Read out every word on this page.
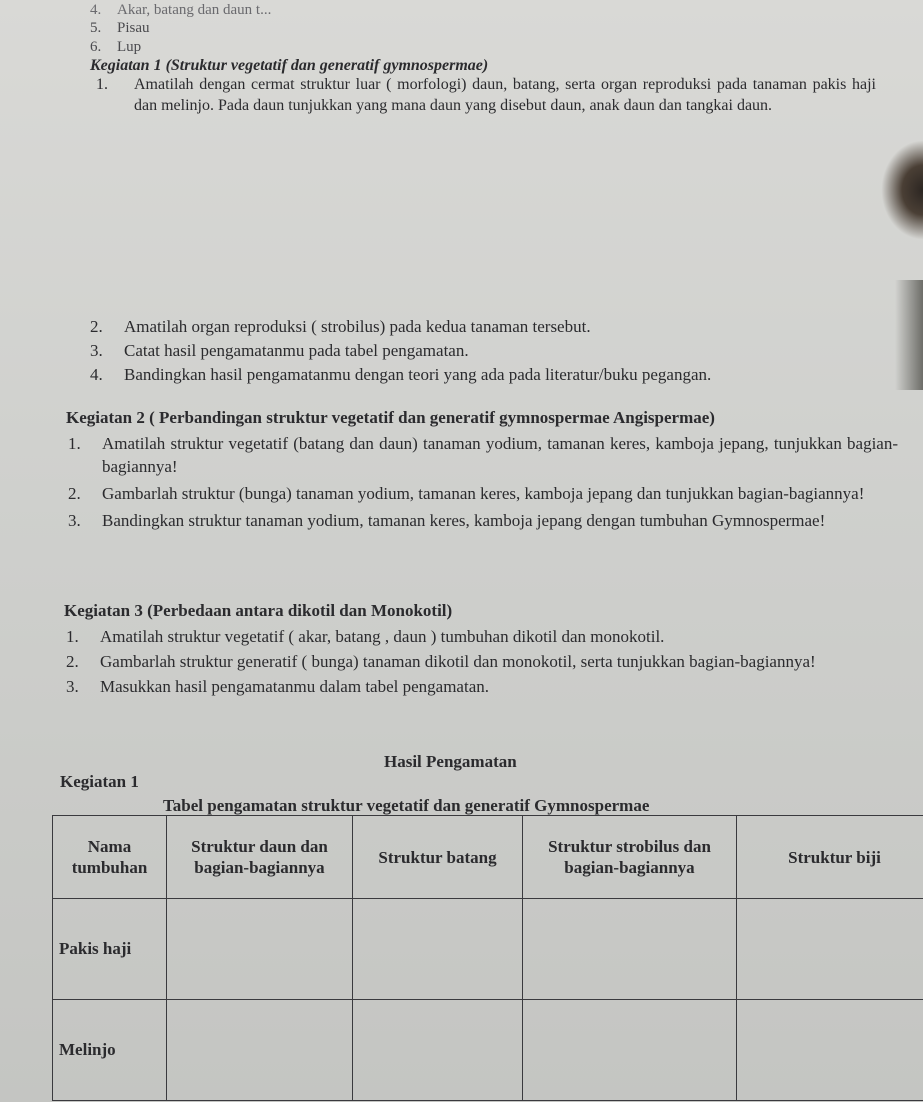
4. Akar, batang dan daun t...
5. Pisau
6. Lup
Kegiatan 1 (Struktur vegetatif dan generatif gymnospermae)
1. Amatilah dengan cermat struktur luar ( morfologi) daun, batang, serta organ reproduksi pada tanaman pakis haji dan melinjo. Pada daun tunjukkan yang mana daun yang disebut daun, anak daun dan tangkai daun.
2. Amatilah organ reproduksi ( strobilus) pada kedua tanaman tersebut.
3. Catat hasil pengamatanmu pada tabel pengamatan.
4. Bandingkan hasil pengamatanmu dengan teori yang ada pada literatur/buku pegangan.
Kegiatan 2 ( Perbandingan struktur vegetatif dan generatif gymnospermae Angispermae)
1. Amatilah struktur vegetatif (batang dan daun) tanaman yodium, tamanan keres, kamboja jepang, tunjukkan bagian-bagiannya!
2. Gambarlah struktur (bunga) tanaman yodium, tamanan keres, kamboja jepang dan tunjukkan bagian-bagiannya!
3. Bandingkan struktur tanaman yodium, tamanan keres, kamboja jepang dengan tumbuhan Gymnospermae!
Kegiatan 3 (Perbedaan antara dikotil dan Monokotil)
1. Amatilah struktur vegetatif ( akar, batang , daun ) tumbuhan dikotil dan monokotil.
2. Gambarlah struktur generatif ( bunga) tanaman dikotil dan monokotil, serta tunjukkan bagian-bagiannya!
3. Masukkan hasil pengamatanmu dalam tabel pengamatan.
Hasil Pengamatan
Kegiatan 1
Tabel pengamatan struktur vegetatif dan generatif Gymnospermae
Nama tumbuhan	Struktur daun dan bagian-bagiannya	Struktur batang	Struktur strobilus dan bagian-bagiannya	Struktur biji
Pakis haji				
Melinjo				
